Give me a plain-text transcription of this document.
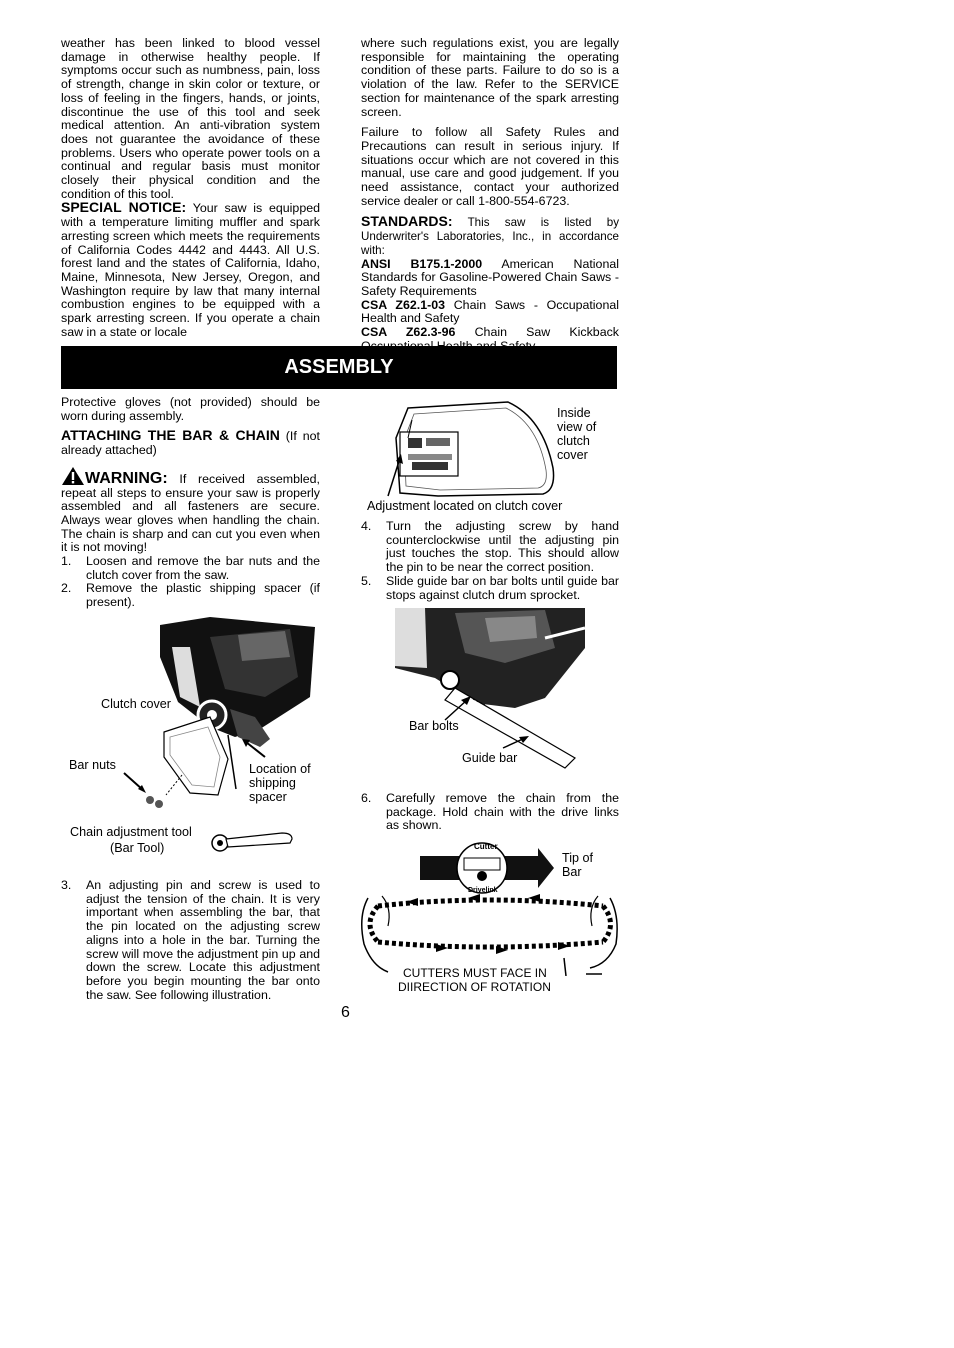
weather has been linked to blood vessel damage in otherwise healthy people. If symptoms occur such as numbness, pain, loss of strength, change in skin color or texture, or loss of feeling in the fingers, hands, or joints, discontinue the use of this tool and seek medical attention. An anti-vibration system does not guarantee the avoidance of these problems. Users who operate power tools on a continual and regular basis must monitor closely their physical condition and the condition of this tool.

SPECIAL NOTICE: Your saw is equipped with a temperature limiting muffler and spark arresting screen which meets the requirements of California Codes 4442 and 4443. All U.S. forest land and the states of California, Idaho, Maine, Minnesota, New Jersey, Oregon, and Washington require by law that many internal combustion engines to be equipped with a spark arresting screen. If you operate a chain saw in a state or locale

where such regulations exist, you are legally responsible for maintaining the operating condition of these parts. Failure to do so is a violation of the law. Refer to the SERVICE section for maintenance of the spark arresting screen.

Failure to follow all Safety Rules and Precautions can result in serious injury. If situations occur which are not covered in this manual, use care and good judgement. If you need assistance, contact your authorized service dealer or call 1-800-554-6723.

STANDARDS: This saw is listed by Underwriter's Laboratories, Inc., in accordance with:

ANSI B175.1-2000 American National Standards for Gasoline-Powered Chain Saws - Safety Requirements

CSA Z62.1-03 Chain Saws - Occupational Health and Safety

CSA Z62.3-96 Chain Saw Kickback

ASSEMBLY

Protective gloves (not provided) should be worn during assembly.

ATTACHING THE BAR & CHAIN (If not already attached)

WARNING: If received assembled, repeat all steps to ensure your saw is properly assembled and all fasteners are secure. Always wear gloves when handling the chain. The chain is sharp and can cut you even when it is not moving!

1. Loosen and remove the bar nuts and the clutch cover from the saw.
2. Remove the plastic shipping spacer (if present).
Clutch cover
Bar nuts	Location of shipping spacer
Chain adjustment tool
(Bar Tool)
3. An adjusting pin and screw is used to adjust the tension of the chain. It is very important when assembling the bar, that the pin located on the adjusting screw aligns into a hole in the bar. Turning the screw will move the adjustment pin up and down the screw. Locate this adjustment before you begin mounting the bar onto the saw. See following illustration.
Inside view of clutch cover
Adjustment located on clutch cover
4. Turn the adjusting screw by hand counterclockwise until the adjusting pin just touches the stop. This should allow the pin to be near the correct position.
5. Slide guide bar on bar bolts until guide bar stops against clutch drum sprocket.
Bar bolts
Guide bar
6. Carefully remove the chain from the package. Hold chain with the drive links as shown.
Cutter
Drivelink
Tip of Bar
CUTTERS MUST FACE IN
DIIRECTION OF ROTATION
6
